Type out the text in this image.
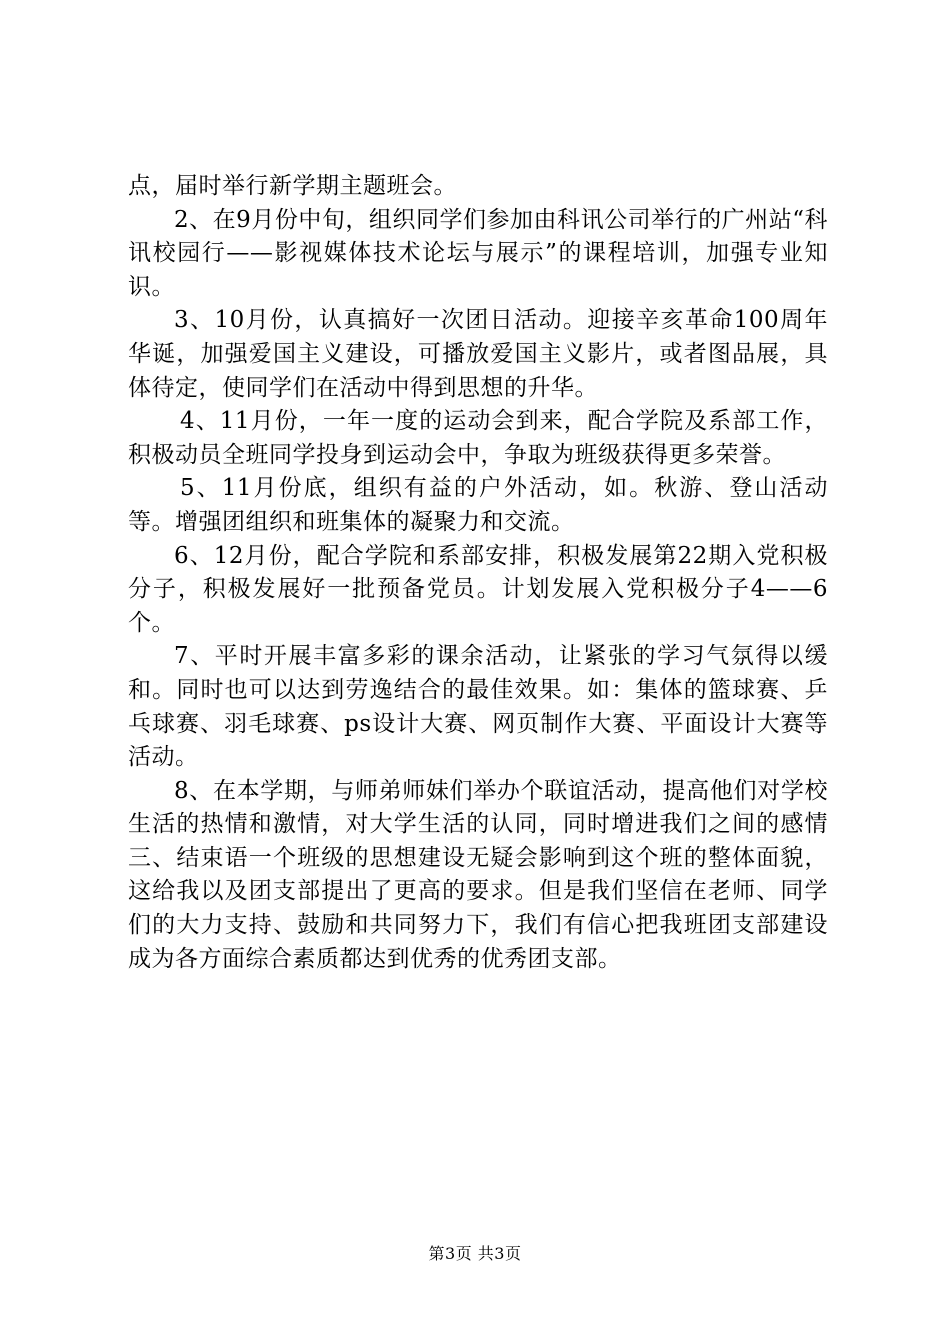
点，届时举行新学期主题班会。

2、在9月份中旬，组织同学们参加由科讯公司举行的广州站“科讯校园行——影视媒体技术论坛与展示”的课程培训，加强专业知识。

3、10月份，认真搞好一次团日活动。迎接辛亥革命100周年华诞，加强爱国主义建设，可播放爱国主义影片，或者图品展，具体待定，使同学们在活动中得到思想的升华。

4、11月份，一年一度的运动会到来，配合学院及系部工作，积极动员全班同学投身到运动会中，争取为班级获得更多荣誉。

5、11月份底，组织有益的户外活动，如。秋游、登山活动等。增强团组织和班集体的凝聚力和交流。

6、12月份，配合学院和系部安排，积极发展第22期入党积极分子，积极发展好一批预备党员。计划发展入党积极分子4——6个。

7、平时开展丰富多彩的课余活动，让紧张的学习气氛得以缓和。同时也可以达到劳逸结合的最佳效果。如：集体的篮球赛、乒乓球赛、羽毛球赛、ps设计大赛、网页制作大赛、平面设计大赛等活动。

8、在本学期，与师弟师妹们举办个联谊活动，提高他们对学校生活的热情和激情，对大学生活的认同，同时增进我们之间的感情三、结束语一个班级的思想建设无疑会影响到这个班的整体面貌，这给我以及团支部提出了更高的要求。但是我们坚信在老师、同学们的大力支持、鼓励和共同努力下，我们有信心把我班团支部建设成为各方面综合素质都达到优秀的优秀团支部。

第3页 共3页
